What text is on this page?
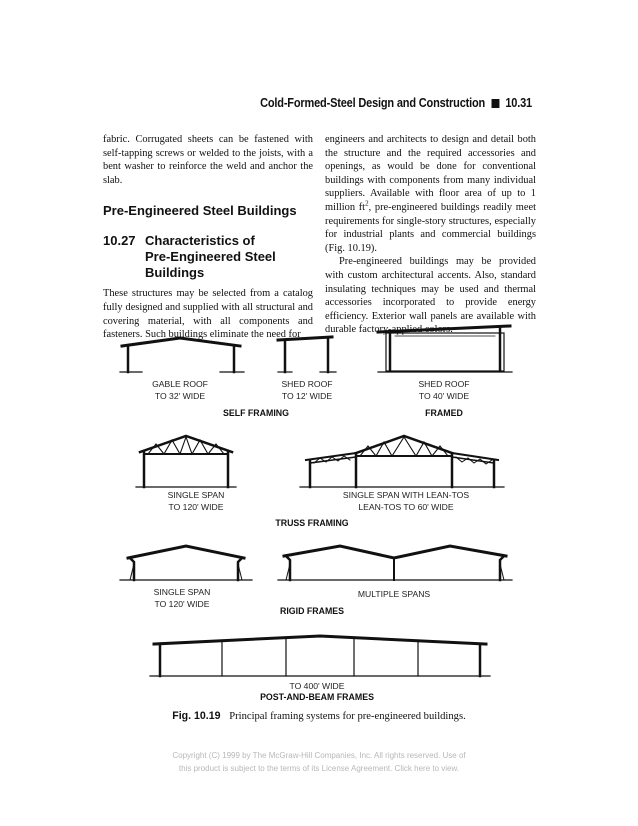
Cold-Formed-Steel Design and Construction 10.31

fabric. Corrugated sheets can be fastened with self-tapping screws or welded to the joists, with a bent washer to reinforce the weld and anchor the slab.

Pre-Engineered Steel Buildings
10.27 Characteristics of
Pre-Engineered Steel
Buildings

These structures may be selected from a catalog fully designed and supplied with all structural and covering material, with all components and fasteners. Such buildings eliminate the need for

engineers and architects to design and detail both the structure and the required accessories and openings, as would be done for conventional buildings with components from many individual suppliers. Available with floor area of up to 1 million $ft^2$, pre-engineered buildings readily meet requirements for single-story structures, especially for industrial plants and commercial buildings (Fig. 10.19).

Pre-engineered buildings may be provided with custom architectural accents. Also, standard insulating techniques may be used and thermal accessories incorporated to provide energy efficiency. Exterior wall panels are available with durable factory-applied colors.

GABLE ROOF
TO 32' WIDE
SHED ROOF
TO 12' WIDE
SHED ROOF
TO 40' WIDE
SELF FRAMING	FRAMED
SINGLE SPAN
TO 120' WIDE
SINGLE SPAN WITH LEAN-TOS
LEAN-TOS TO 60' WIDE
TRUSS FRAMING
SINGLE SPAN
TO 120' WIDE
MULTIPLE SPANS
RIGID FRAMES
TO 400' WIDE
POST-AND-BEAM FRAMES
Fig. 10.19 Principal framing systems for pre-engineered buildings.
Copyright (C) 1999 by The McGraw-Hill Companies, Inc. All rights reserved. Use of
this product is subject to the terms of its License Agreement. Click here to view.
